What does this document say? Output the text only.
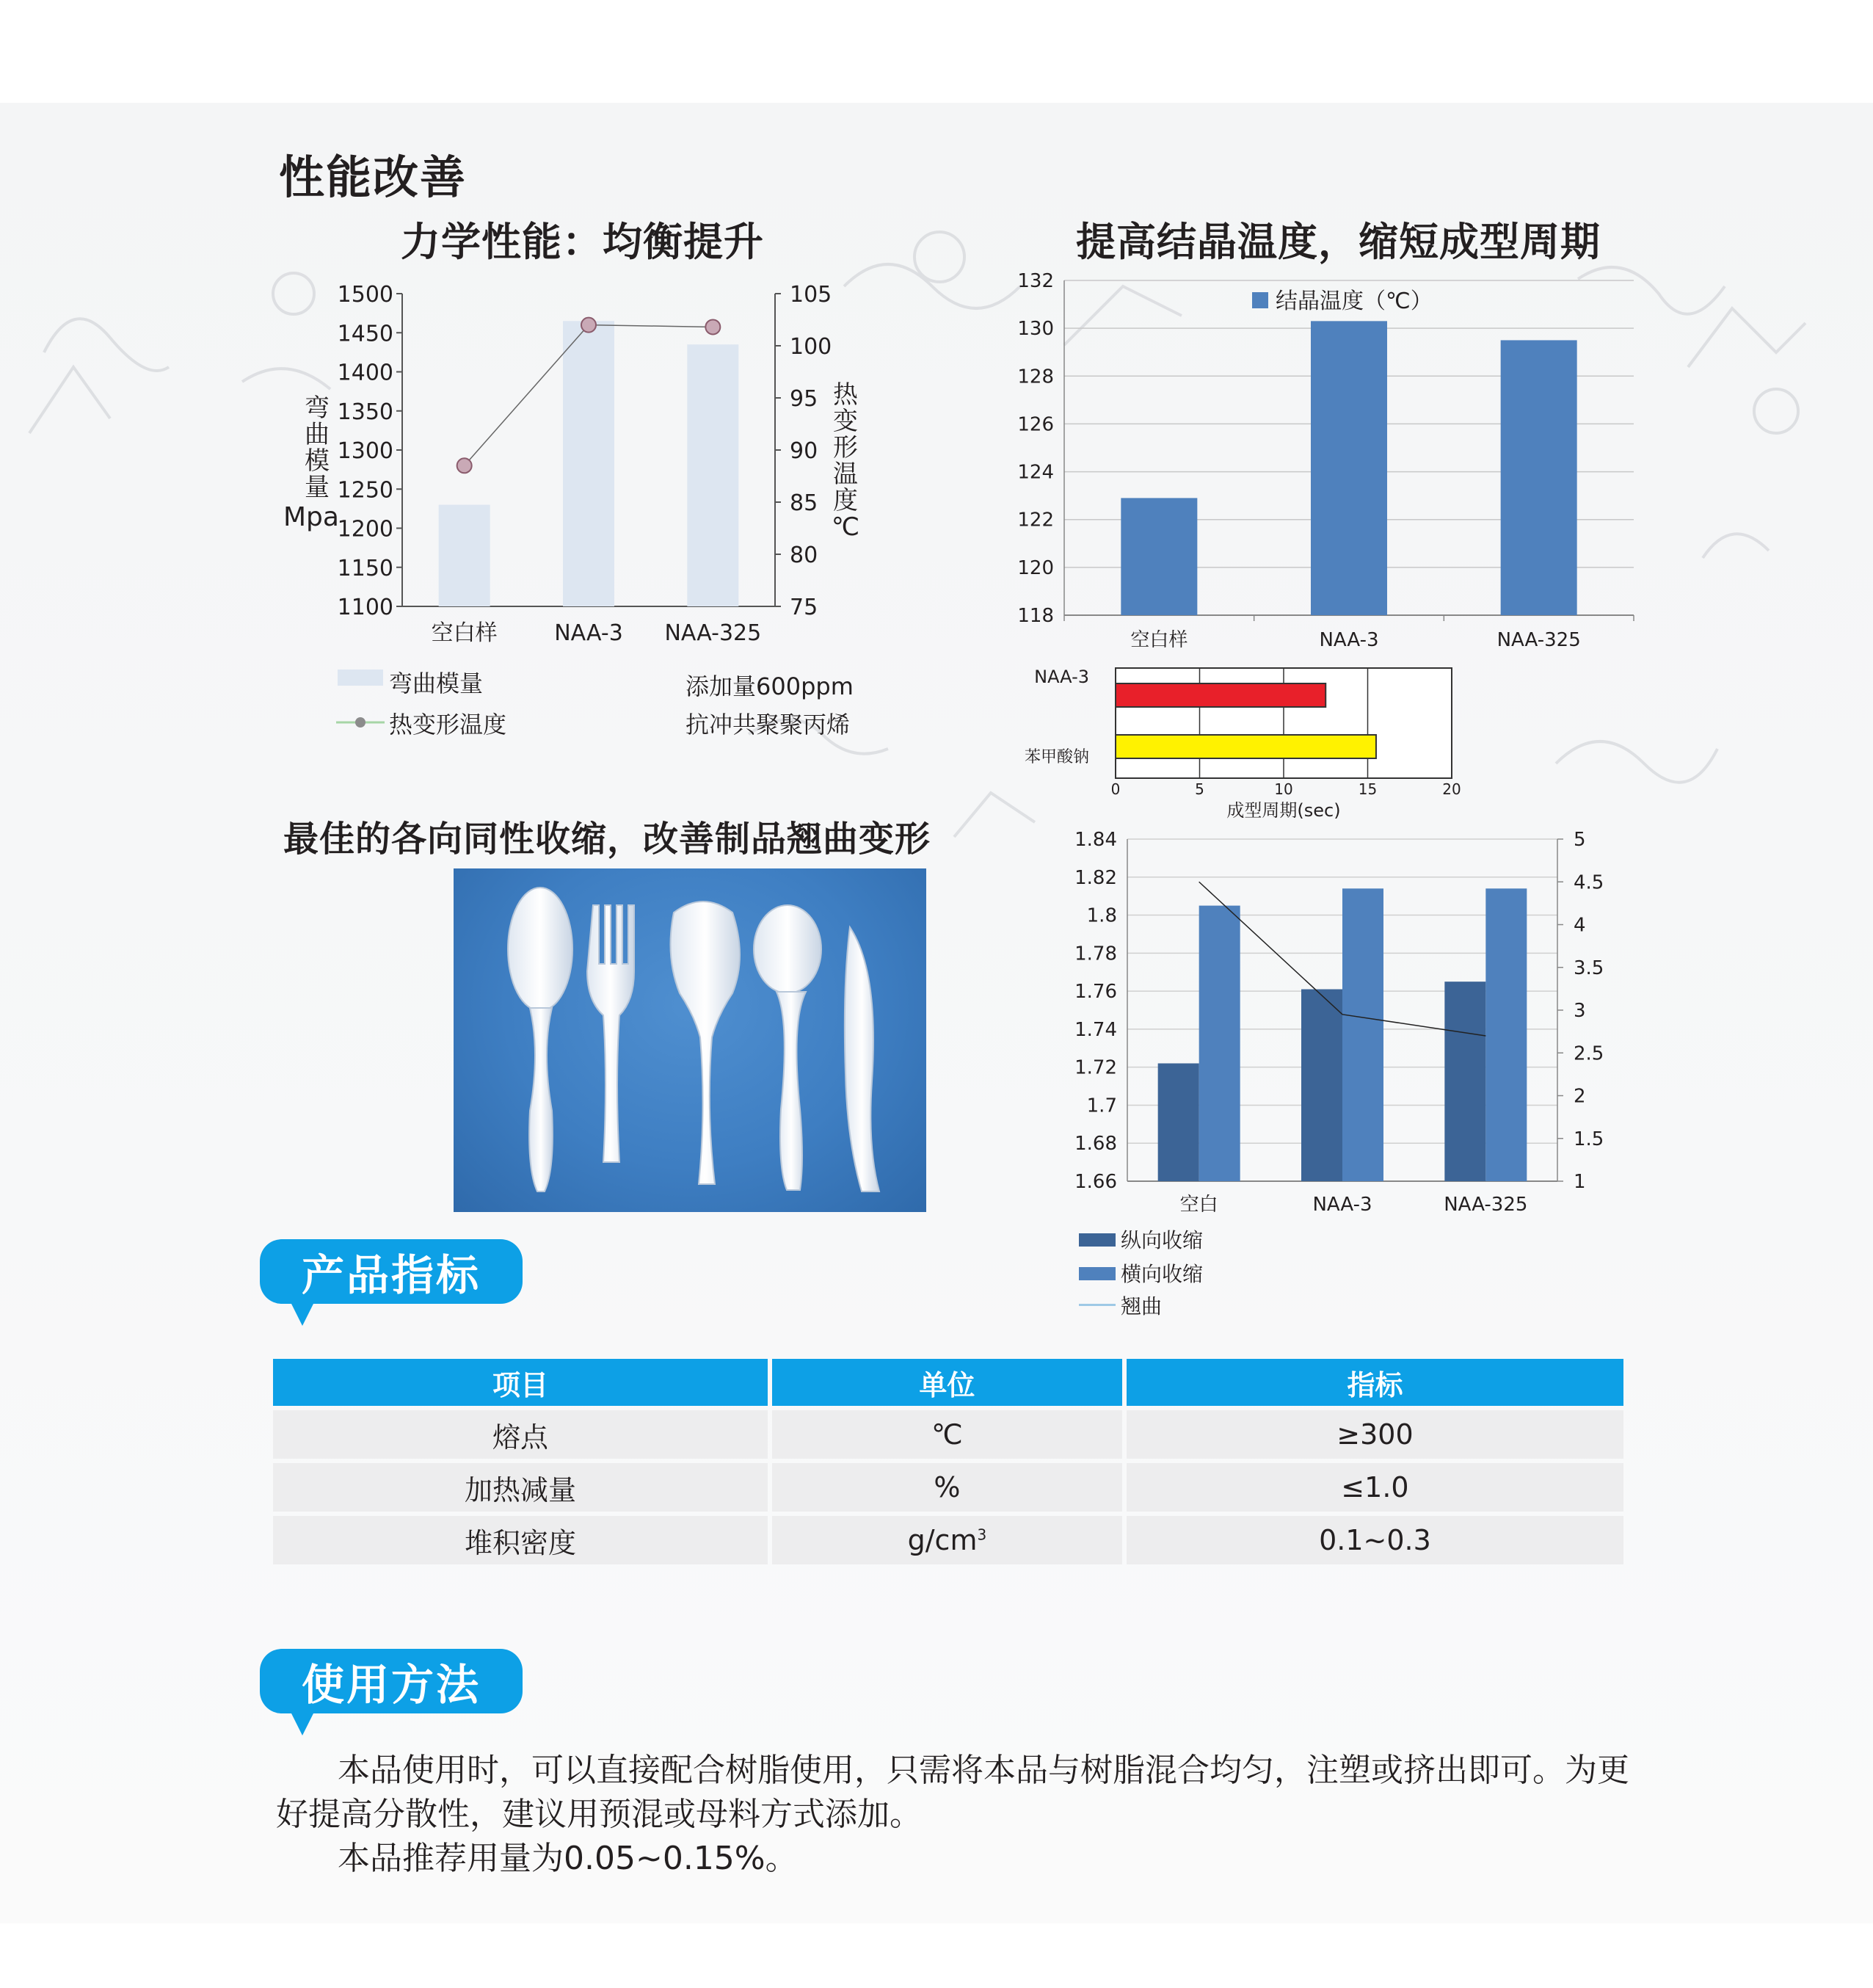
性能改善
力学性能：均衡提升	提高结晶温度，缩短成型周期
1100
1150
1200
1250
1300
1350
1400
1450
1500
75
80
85
90
95
100
105
空白样	NAA-3 NAA-325
弯
曲
模
量
Mpa
热
变
形
温
度
℃
弯曲模量
热变形温度
添加量600ppm
抗冲共聚聚丙烯
118
120
122
124
126
128
130
132
空白样	NAA-3	NAA-325
结晶温度（℃）
0	5	10	15	20
NAA-3
苯甲酸钠
成型周期(sec)
最佳的各向同性收缩，改善制品翘曲变形
1.66
1.68
1.7
1.72
1.74
1.76
1.78
1.8
1.82
1.84
1
1.5
2
2.5
3
3.5
4
4.5
5
空白	NAA-3	NAA-325
纵向收缩
横向收缩
翘曲
产品指标
项目	单位	指标
熔点	℃	≥300
加热减量	%	≤1.0
堆积密度	$g/cm^3$	0.1~0.3
使用方法
本品使用时，可以直接配合树脂使用，只需将本品与树脂混合均匀，注塑或挤出即可。为更
好提高分散性，建议用预混或母料方式添加。
本品推荐用量为0.05~0.15%。
